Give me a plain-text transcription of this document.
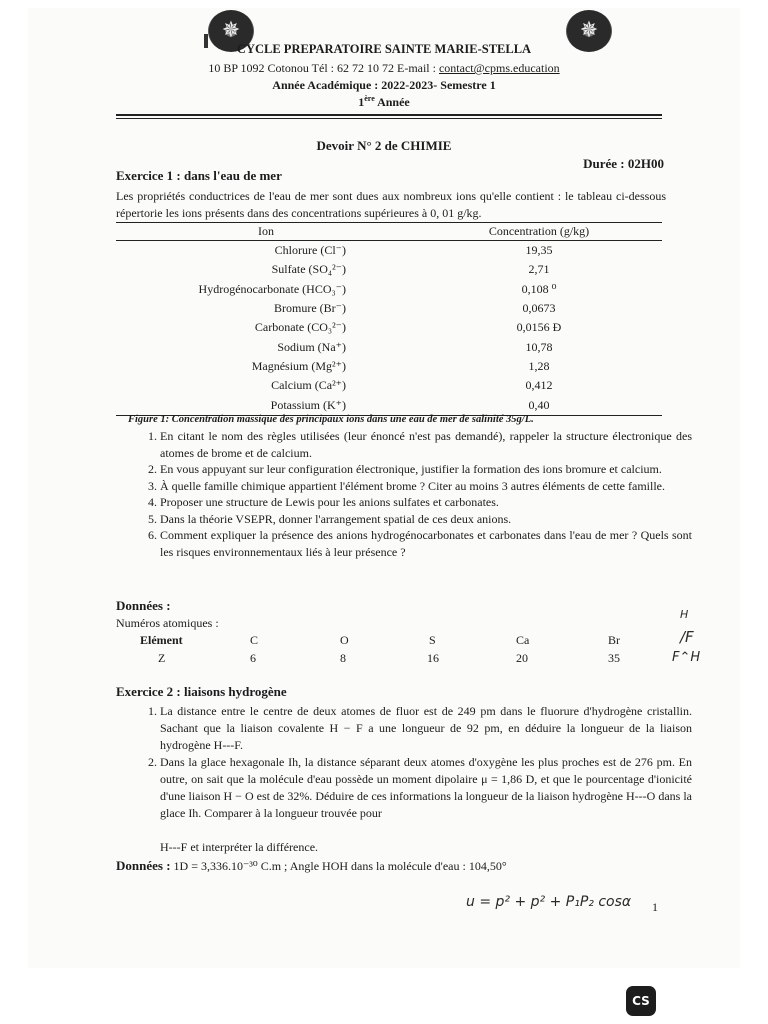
✵	✵
CYCLE PREPARATOIRE SAINTE MARIE-STELLA
10 BP 1092 Cotonou Tél : 62 72 10 72 E-mail : contact@cpms.education
Année Académique : 2022-2023- Semestre 1
1ère Année
Devoir N° 2 de CHIMIE
Durée : 02H00
Exercice 1 : dans l'eau de mer
Les propriétés conductrices de l'eau de mer sont dues aux nombreux ions qu'elle contient : le tableau ci-dessous répertorie les ions présents dans des concentrations supérieures à 0, 01 g/kg.
Ion	Concentration (g/kg)
Chlorure (Cl⁻)	19,35
Sulfate (SO₄²⁻)	2,71
Hydrogénocarbonate (HCO₃⁻)	0,108 ⁰
Bromure (Br⁻)	0,0673
Carbonate (CO₃²⁻)	0,0156 Ð
Sodium (Na⁺)	10,78
Magnésium (Mg²⁺)	1,28
Calcium (Ca²⁺)	0,412
Potassium (K⁺)	0,40
Figure 1: Concentration massique des principaux ions dans une eau de mer de salinité 35g/L.
1. En citant le nom des règles utilisées (leur énoncé n'est pas demandé), rappeler la structure électronique des atomes de brome et de calcium.
2. En vous appuyant sur leur configuration électronique, justifier la formation des ions bromure et calcium.
3. À quelle famille chimique appartient l'élément brome ? Citer au moins 3 autres éléments de cette famille.
4. Proposer une structure de Lewis pour les anions sulfates et carbonates.
5. Dans la théorie VSEPR, donner l'arrangement spatial de ces deux anions.
6. Comment expliquer la présence des anions hydrogénocarbonates et carbonates dans l'eau de mer ? Quels sont les risques environnementaux liés à leur présence ?
Données :
Numéros atomiques :
Elément	C	O	S	Ca	Br
Z	6	8	16	20	35
Exercice 2 : liaisons hydrogène
1. La distance entre le centre de deux atomes de fluor est de 249 pm dans le fluorure d'hydrogène cristallin. Sachant que la liaison covalente H − F a une longueur de 92 pm, en déduire la longueur de la liaison hydrogène H---F.
2. Dans la glace hexagonale Ih, la distance séparant deux atomes d'oxygène les plus proches est de 276 pm. En outre, on sait que la molécule d'eau possède un moment dipolaire μ = 1,86 D, et que le pourcentage d'ionicité d'une liaison H − O est de 32%. Déduire de ces informations la longueur de la liaison hydrogène H---O dans la glace Ih. Comparer à la longueur trouvée pour
H---F et interpréter la différence.
Données : 1D = 3,336.10⁻³⁰ C.m ; Angle HOH dans la molécule d'eau : 104,50°
u = p² + p² + P₁P₂ cosα 1
H
/F
F⌃H
CS
